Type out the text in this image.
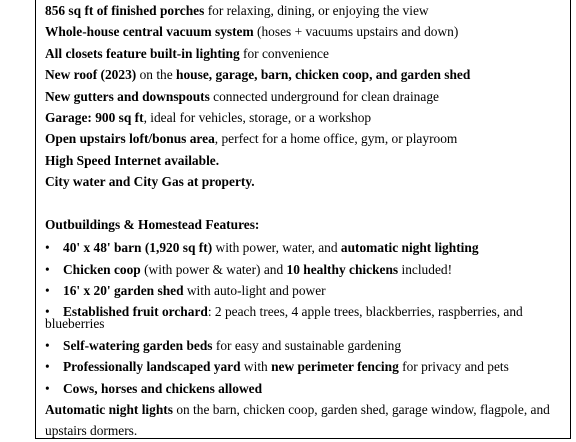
856 sq ft of finished porches for relaxing, dining, or enjoying the view
Whole-house central vacuum system (hoses + vacuums upstairs and down)
All closets feature built-in lighting for convenience
New roof (2023) on the house, garage, barn, chicken coop, and garden shed
New gutters and downspouts connected underground for clean drainage
Garage: 900 sq ft, ideal for vehicles, storage, or a workshop
Open upstairs loft/bonus area, perfect for a home office, gym, or playroom
High Speed Internet available.
City water and City Gas at property.
Outbuildings & Homestead Features:
• 40' x 48' barn (1,920 sq ft) with power, water, and automatic night lighting
• Chicken coop (with power & water) and 10 healthy chickens included!
• 16' x 20' garden shed with auto-light and power
• Established fruit orchard: 2 peach trees, 4 apple trees, blackberries, raspberries, and blueberries
• Self-watering garden beds for easy and sustainable gardening
• Professionally landscaped yard with new perimeter fencing for privacy and pets
• Cows, horses and chickens allowed
Automatic night lights on the barn, chicken coop, garden shed, garage window, flagpole, and upstairs dormers.
